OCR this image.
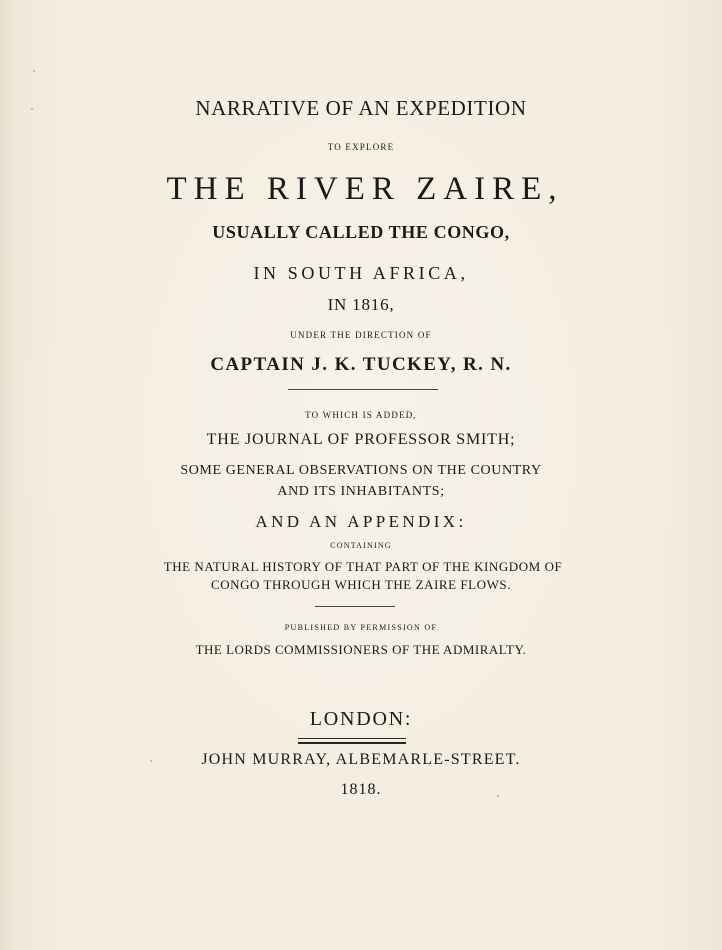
NARRATIVE OF AN EXPEDITION
TO EXPLORE
THE RIVER ZAIRE,
USUALLY CALLED THE CONGO,
IN SOUTH AFRICA,
IN 1816,
UNDER THE DIRECTION OF
CAPTAIN J. K. TUCKEY, R. N.
TO WHICH IS ADDED,
THE JOURNAL OF PROFESSOR SMITH;
SOME GENERAL OBSERVATIONS ON THE COUNTRY
AND ITS INHABITANTS;
AND AN APPENDIX:
CONTAINING
THE NATURAL HISTORY OF THAT PART OF THE KINGDOM OF
CONGO THROUGH WHICH THE ZAIRE FLOWS.
PUBLISHED BY PERMISSION OF
THE LORDS COMMISSIONERS OF THE ADMIRALTY.
LONDON:
JOHN MURRAY, ALBEMARLE-STREET.
1818.
